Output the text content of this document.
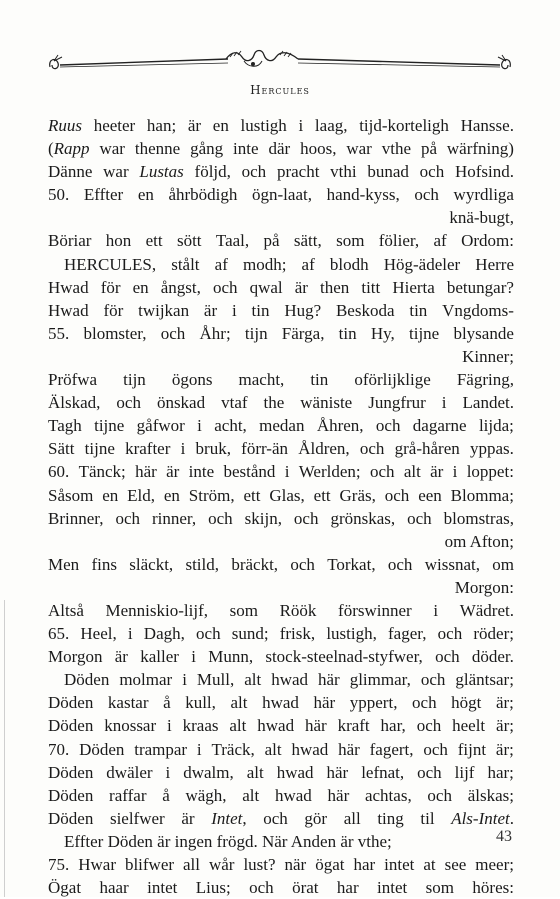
Hercules
Ruus heeter han; är en lustigh i laag, tijd-korteligh Hansse.
(Rapp war thenne gång inte där hoos, war vthe på wärfning)
Dänne war Lustas följd, och pracht vthi bunad och Hofsind.
50. Effter en åhrbödigh ögn-laat, hand-kyss, och wyrdliga
knä-bugt,
Böriar hon ett sött Taal, på sätt, som fölier, af Ordom:
HERCULES, stålt af modh; af blodh Hög-ädeler Herre
Hwad för en ångst, och qwal är then titt Hierta betungar?
Hwad för twijkan är i tin Hug? Beskoda tin Vngdoms-
55. blomster, och Åhr; tijn Färga, tin Hy, tijne blysande
Kinner;
Pröfwa tijn ögons macht, tin oförlijklige Fägring,
Älskad, och önskad vtaf the wäniste Jungfrur i Landet.
Tagh tijne gåfwor i acht, medan Åhren, och dagarne lijda;
Sätt tijne krafter i bruk, förr-än Åldren, och grå-håren yppas.
60. Tänck; här är inte bestånd i Werlden; och alt är i loppet:
Såsom en Eld, en Ström, ett Glas, ett Gräs, och een Blomma;
Brinner, och rinner, och skijn, och grönskas, och blomstras,
om Afton;
Men fins släckt, stild, bräckt, och Torkat, och wissnat, om
Morgon:
Altså Menniskio-lijf, som Röök förswinner i Wädret.
65. Heel, i Dagh, och sund; frisk, lustigh, fager, och röder;
Morgon är kaller i Munn, stock-steelnad-styfwer, och döder.
Döden molmar i Mull, alt hwad här glimmar, och gläntsar;
Döden kastar å kull, alt hwad här yppert, och högt är;
Döden knossar i kraas alt hwad här kraft har, och heelt är;
70. Döden trampar i Träck, alt hwad här fagert, och fijnt är;
Döden dwäler i dwalm, alt hwad här lefnat, och lijf har;
Döden raffar å wägh, alt hwad här achtas, och älskas;
Döden sielfwer är Intet, och gör all ting til Als-Intet.
Effter Döden är ingen frögd. När Anden är vthe;
75. Hwar blifwer all wår lust? när ögat har intet at see meer;
Ögat haar intet Lius; och örat har intet som höres:
43
